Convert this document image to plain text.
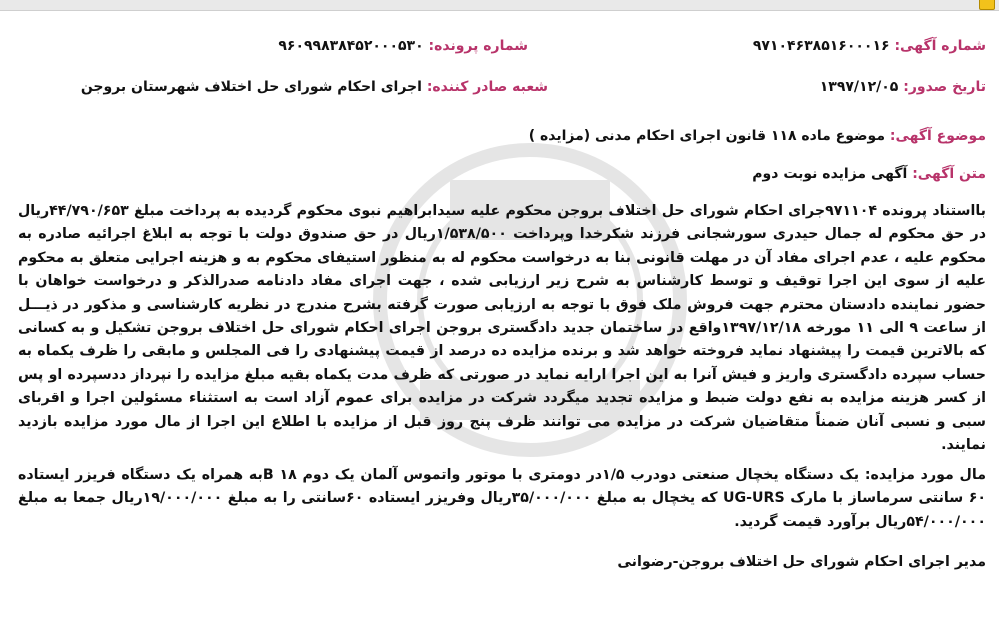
شماره آگهی: ۹۷۱۰۴۶۳۸۵۱۶۰۰۰۱۶
شماره پرونده: ۹۶۰۹۹۸۳۸۴۵۲۰۰۰۵۳۰
تاریخ صدور: ۱۳۹۷/۱۲/۰۵
شعبه صادر کننده: اجرای احکام شورای حل اختلاف شهرستان بروجن
موضوع آگهی: موضوع ماده ۱۱۸ قانون اجرای احکام مدنی (مزایده )
متن آگهی: آگهی مزایده نوبت دوم
بااستناد پرونده ۹۷۱۱۰۴جرای احکام شورای حل اختلاف بروجن محکوم علیه سیدابراهیم نبوی محکوم گردیده به پرداخت مبلغ ۴۴/۷۹۰/۶۵۳ریال در حق محکوم له جمال حیدری سورشجانی فرزند شکرخدا وپرداخت ۱/۵۳۸/۵۰۰ریال در حق صندوق دولت با توجه به ابلاغ اجرائیه صادره به محکوم علیه ، عدم اجرای مفاد آن در مهلت قانونی بنا به درخواست محکوم له به منظور استیفای محکوم به و هزینه اجرایی متعلق به محکوم علیه از سوی این اجرا توقیف و توسط کارشناس به شرح زیر ارزیابی شده ، جهت اجرای مفاد دادنامه صدرالذکر و درخواست خواهان با حضور نماینده دادستان محترم جهت فروش ملک فوق با توجه به ارزیابی صورت گرفته بشرح مندرج در نظریه کارشناسی و مذکور در ذیـــل از ساعت ۹ الی ۱۱ مورخه ۱۳۹۷/۱۲/۱۸واقع در ساختمان جدید دادگستری بروجن اجرای احکام شورای حل اختلاف بروجن تشکیل و به کسانی که بالاترین قیمت را پیشنهاد نماید فروخته خواهد شد و برنده مزایده ده درصد از قیمت پیشنهادی را فی المجلس و مابقی را ظرف یکماه به حساب سپرده دادگستری واریز و فیش آنرا به این اجرا ارایه نماید در صورتی که ظرف مدت یکماه بقیه مبلغ مزایده را نپرداز ددسپرده او پس از کسر هزینه مزایده به نفع دولت ضبط و مزایده تجدید میگردد شرکت در مزایده برای عموم آزاد است به استثناء مسئولین اجرا و اقربای سبی و نسبی آنان ضمناً متقاضیان شرکت در مزایده می توانند ظرف پنج روز قبل از مزایده با اطلاع این اجرا از مال مورد مزایده بازدید نمایند.
مال مورد مزایده: یک دستگاه یخچال صنعتی دودرب ۱/۵در دومتری با موتور واتموس آلمان یک دوم ۱۸ Bبه همراه یک دستگاه فریزر ایستاده ۶۰ سانتی سرماساز با مارک UG-URS که یخچال به مبلغ ۳۵/۰۰۰/۰۰۰ریال وفریزر ایستاده ۶۰سانتی را به مبلغ ۱۹/۰۰۰/۰۰۰ریال جمعا به مبلغ ۵۴/۰۰۰/۰۰۰ریال برآورد قیمت گردید.
مدیر اجرای احکام شورای حل اختلاف بروجن-رضوانی
